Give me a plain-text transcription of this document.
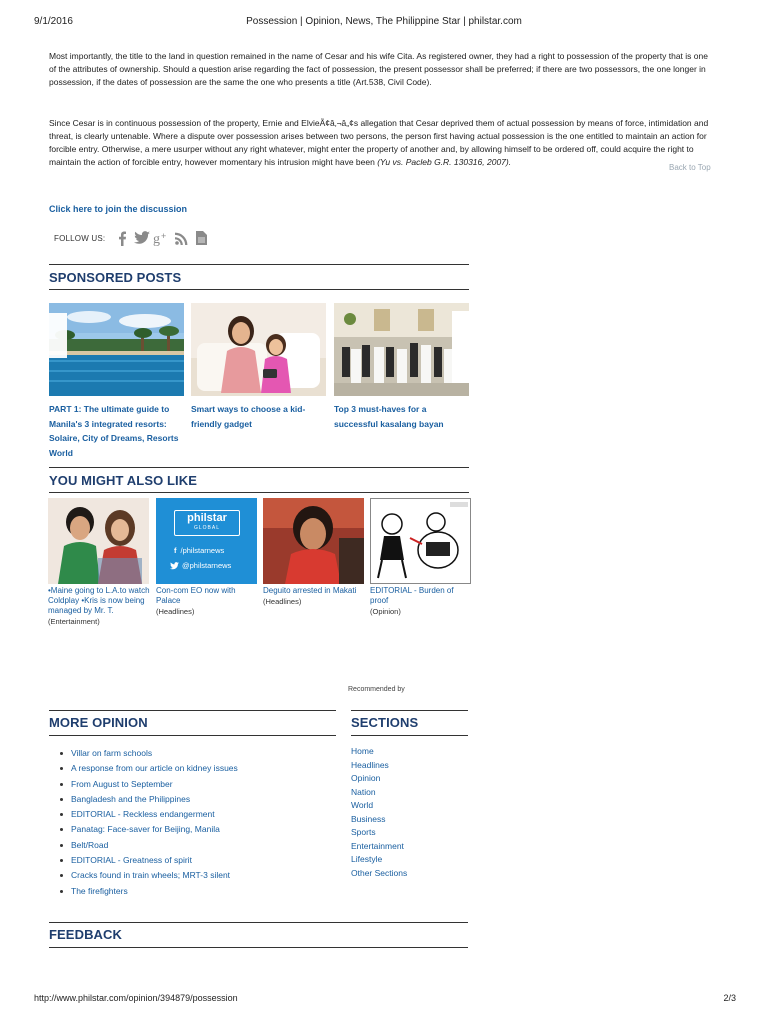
9/1/2016	Possession | Opinion, News, The Philippine Star | philstar.com
Most importantly, the title to the land in question remained in the name of Cesar and his wife Cita. As registered owner, they had a right to possession of the property that is one of the attributes of ownership. Should a question arise regarding the fact of possession, the present possessor shall be preferred; if there are two possessors, the one longer in possession, if the dates of possession are the same the one who presents a title (Art.538, Civil Code).
Since Cesar is in continuous possession of the property, Ernie and ElvieÃ¢â‚¬â„¢s allegation that Cesar deprived them of actual possession by means of force, intimidation and threat, is clearly untenable. Where a dispute over possession arises between two persons, the person first having actual possession is the one entitled to maintain an action for forcible entry. Otherwise, a mere usurper without any right whatever, might enter the property of another and, by allowing himself to be ordered off, could acquire the right to maintain the action of forcible entry, however momentary his intrusion might have been (Yu vs. Pacleb G.R. 130316, 2007).
Back to Top
Click here to join the discussion
FOLLOW US:	g +
SPONSORED POSTS
PART 1: The ultimate guide to Manila's 3 integrated resorts: Solaire, City of Dreams, Resorts World
Smart ways to choose a kid-friendly gadget
Top 3 must-haves for a successful kasalang bayan
YOU MIGHT ALSO LIKE
•Maine going to L.A.to watch Coldplay •Kris is now being managed by Mr. T.
(Entertainment)
philstar
GLOBAL
f /philstarnews
@philstarnews
Con-com EO now with Palace
(Headlines)
Deguito arrested in Makati
(Headlines)
EDITORIAL - Burden of proof
(Opinion)
Recommended by
MORE OPINION
Villar on farm schools
A response from our article on kidney issues
From August to September
Bangladesh and the Philippines
EDITORIAL - Reckless endangerment
Panatag: Face-saver for Beijing, Manila
Belt/Road
EDITORIAL - Greatness of spirit
Cracks found in train wheels; MRT-3 silent
The firefighters
SECTIONS
Home
Headlines
Opinion
Nation
World
Business
Sports
Entertainment
Lifestyle
Other Sections
FEEDBACK
http://www.philstar.com/opinion/394879/possession	2/3
